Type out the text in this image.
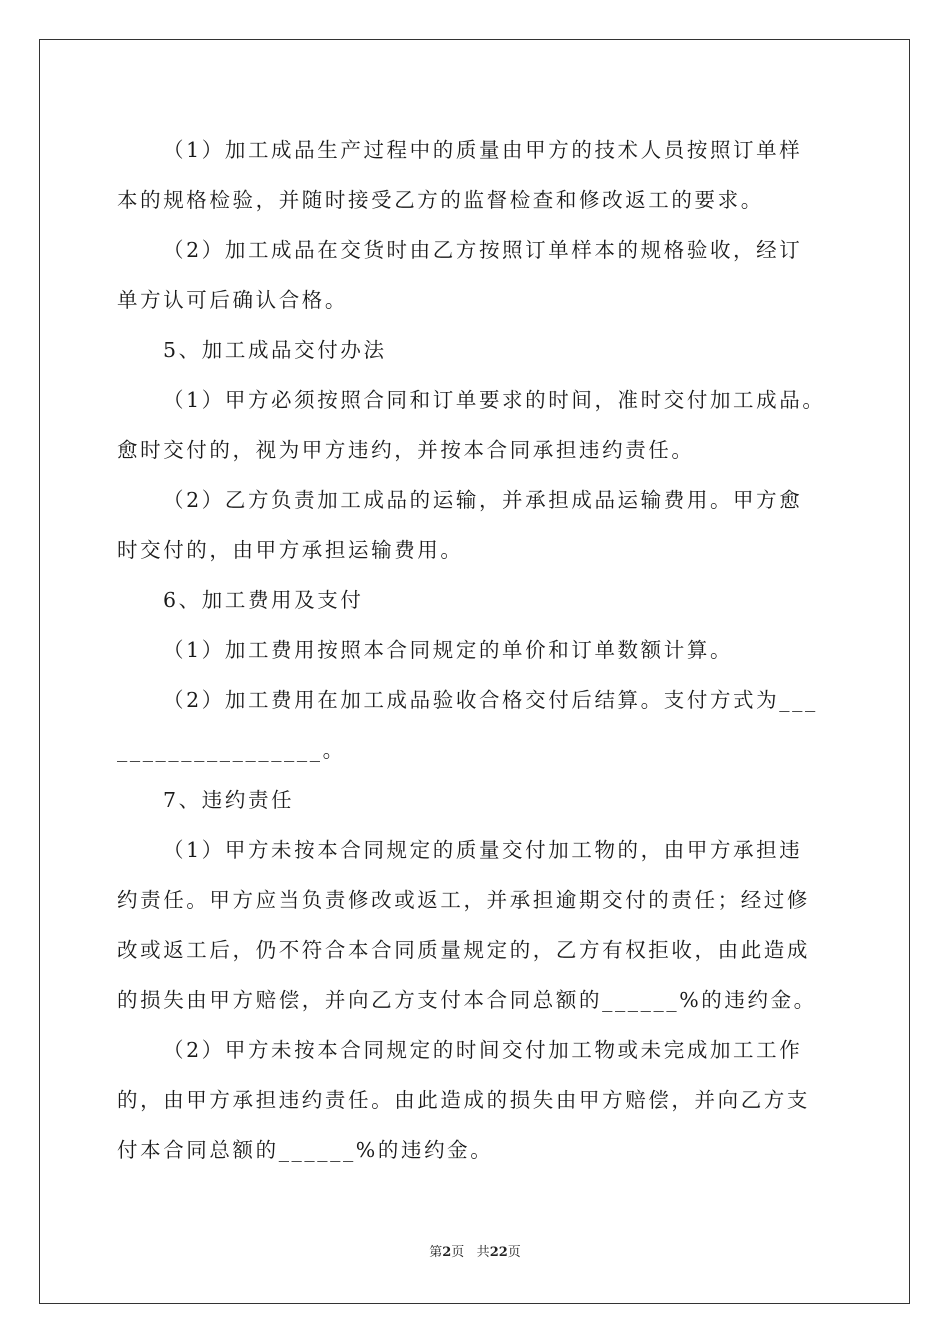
（1）加工成品生产过程中的质量由甲方的技术人员按照订单样
本的规格检验，并随时接受乙方的监督检查和修改返工的要求。
（2）加工成品在交货时由乙方按照订单样本的规格验收，经订
单方认可后确认合格。
5、加工成品交付办法
（1）甲方必须按照合同和订单要求的时间，准时交付加工成品。
愈时交付的，视为甲方违约，并按本合同承担违约责任。
（2）乙方负责加工成品的运输，并承担成品运输费用。甲方愈
时交付的，由甲方承担运输费用。
6、加工费用及支付
（1）加工费用按照本合同规定的单价和订单数额计算。
（2）加工费用在加工成品验收合格交付后结算。支付方式为___
________________。
7、违约责任
（1）甲方未按本合同规定的质量交付加工物的，由甲方承担违
约责任。甲方应当负责修改或返工，并承担逾期交付的责任；经过修
改或返工后，仍不符合本合同质量规定的，乙方有权拒收，由此造成
的损失由甲方赔偿，并向乙方支付本合同总额的______%的违约金。
（2）甲方未按本合同规定的时间交付加工物或未完成加工工作
的，由甲方承担违约责任。由此造成的损失由甲方赔偿，并向乙方支
付本合同总额的______%的违约金。
第2页 共22页
